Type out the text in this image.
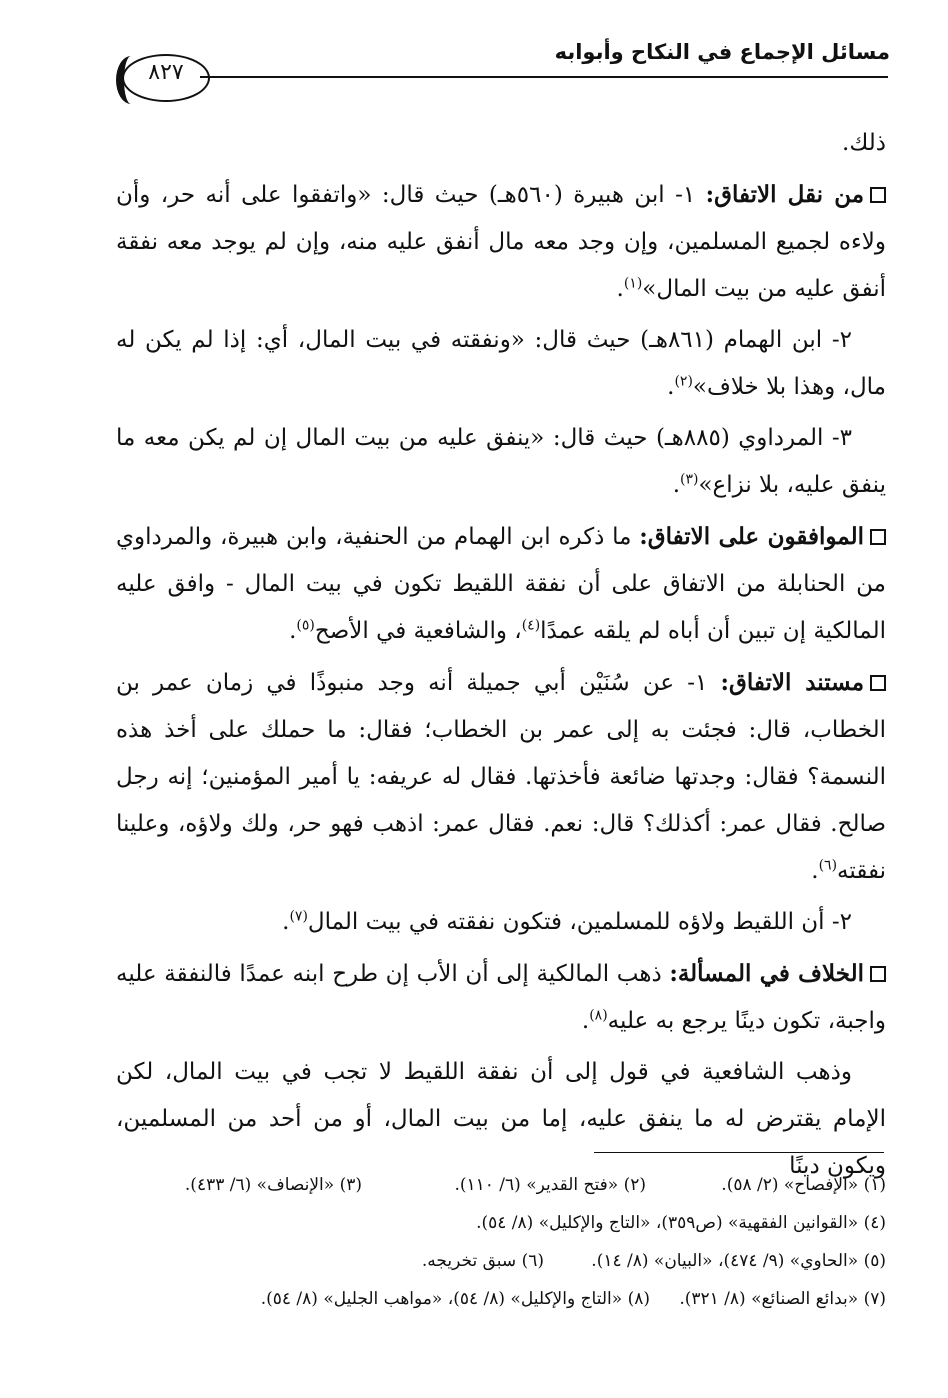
مسائل الإجماع في النكاح وأبوابه
٨٢٧

ذلك.

من نقل الاتفاق: ١- ابن هبيرة (٥٦٠هـ) حيث قال: «واتفقوا على أنه حر، وأن ولاءه لجميع المسلمين، وإن وجد معه مال أنفق عليه منه، وإن لم يوجد معه نفقة أنفق عليه من بيت المال»$^{(١)}$.

٢- ابن الهمام (٨٦١هـ) حيث قال: «ونفقته في بيت المال، أي: إذا لم يكن له مال، وهذا بلا خلاف»$^{(٢)}$.

٣- المرداوي (٨٨٥هـ) حيث قال: «ينفق عليه من بيت المال إن لم يكن معه ما ينفق عليه، بلا نزاع»$^{(٣)}$.

الموافقون على الاتفاق: ما ذكره ابن الهمام من الحنفية، وابن هبيرة، والمرداوي من الحنابلة من الاتفاق على أن نفقة اللقيط تكون في بيت المال - وافق عليه المالكية إن تبين أن أباه لم يلقه عمدًا$^{(٤)}$، والشافعية في الأصح$^{(٥)}$.

مستند الاتفاق: ١- عن سُنَيْن أبي جميلة أنه وجد منبوذًا في زمان عمر بن الخطاب، قال: فجئت به إلى عمر بن الخطاب؛ فقال: ما حملك على أخذ هذه النسمة؟ فقال: وجدتها ضائعة فأخذتها. فقال له عريفه: يا أمير المؤمنين؛ إنه رجل صالح. فقال عمر: أكذلك؟ قال: نعم. فقال عمر: اذهب فهو حر، ولك ولاؤه، وعلينا نفقته$^{(٦)}$.

٢- أن اللقيط ولاؤه للمسلمين، فتكون نفقته في بيت المال$^{(٧)}$.

الخلاف في المسألة: ذهب المالكية إلى أن الأب إن طرح ابنه عمدًا فالنفقة عليه واجبة، تكون دينًا يرجع به عليه$^{(٨)}$.

وذهب الشافعية في قول إلى أن نفقة اللقيط لا تجب في بيت المال، لكن الإمام يقترض له ما ينفق عليه، إما من بيت المال، أو من أحد من المسلمين، ويكون دينًا

(١) «الإفصاح» (٢/ ٥٨).
(٢) «فتح القدير» (٦/ ١١٠).
(٣) «الإنصاف» (٦/ ٤٣٣).
(٤) «القوانين الفقهية» (ص٣٥٩)، «التاج والإكليل» (٨/ ٥٤).
(٥) «الحاوي» (٩/ ٤٧٤)، «البيان» (٨/ ١٤).
(٦) سبق تخريجه.
(٧) «بدائع الصنائع» (٨/ ٣٢١).
(٨) «التاج والإكليل» (٨/ ٥٤)، «مواهب الجليل» (٨/ ٥٤).
